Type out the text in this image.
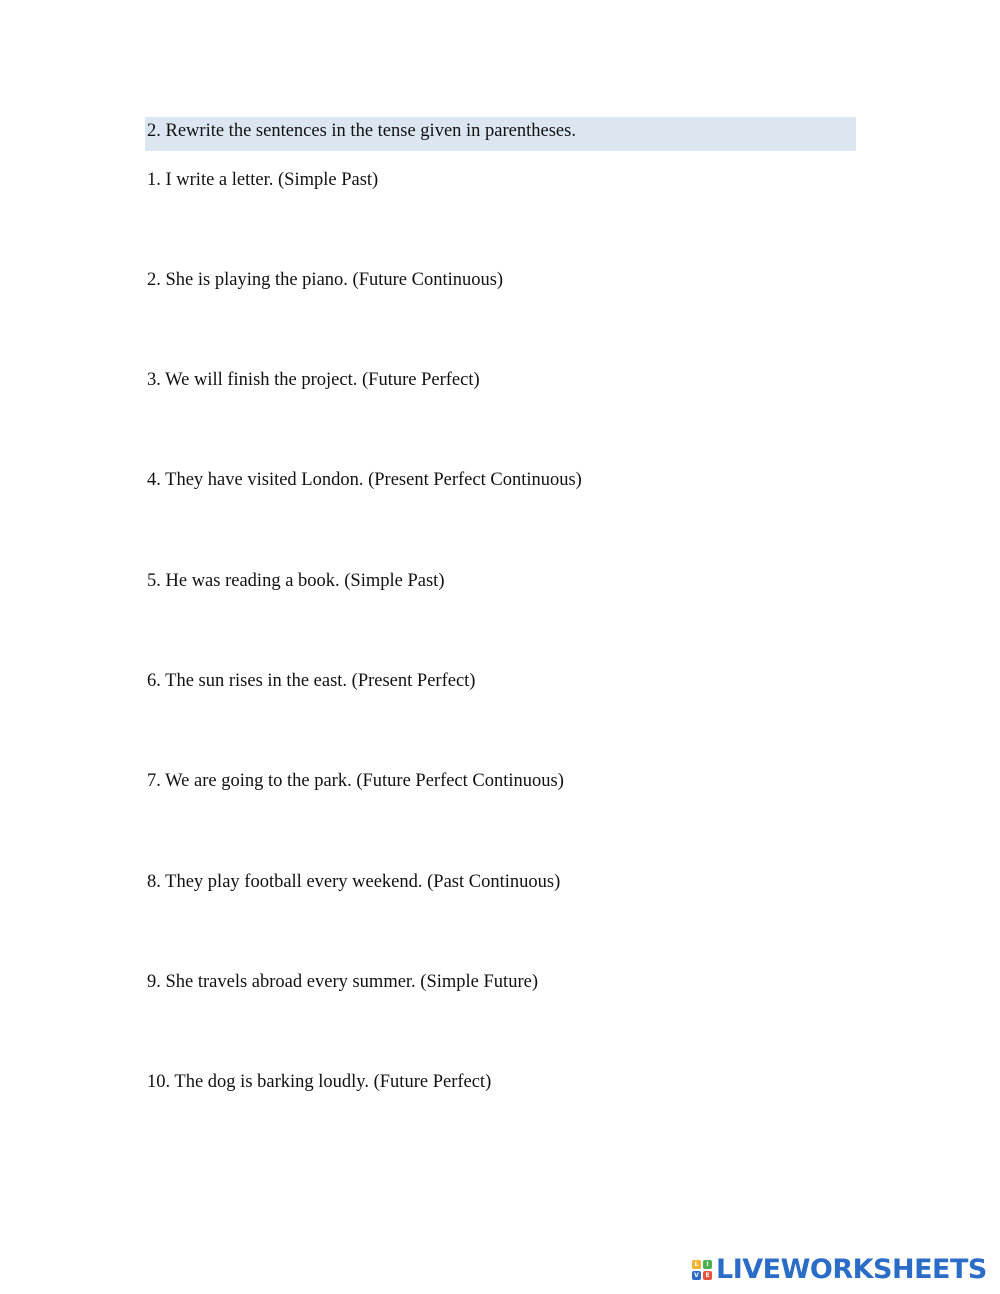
2. Rewrite the sentences in the tense given in parentheses.
1. I write a letter. (Simple Past)
2. She is playing the piano. (Future Continuous)
3. We will finish the project. (Future Perfect)
4. They have visited London. (Present Perfect Continuous)
5. He was reading a book. (Simple Past)
6. The sun rises in the east. (Present Perfect)
7. We are going to the park. (Future Perfect Continuous)
8. They play football every weekend. (Past Continuous)
9. She travels abroad every summer. (Simple Future)
10. The dog is barking loudly. (Future Perfect)
L	I
V	E LIVEWORKSHEETS
